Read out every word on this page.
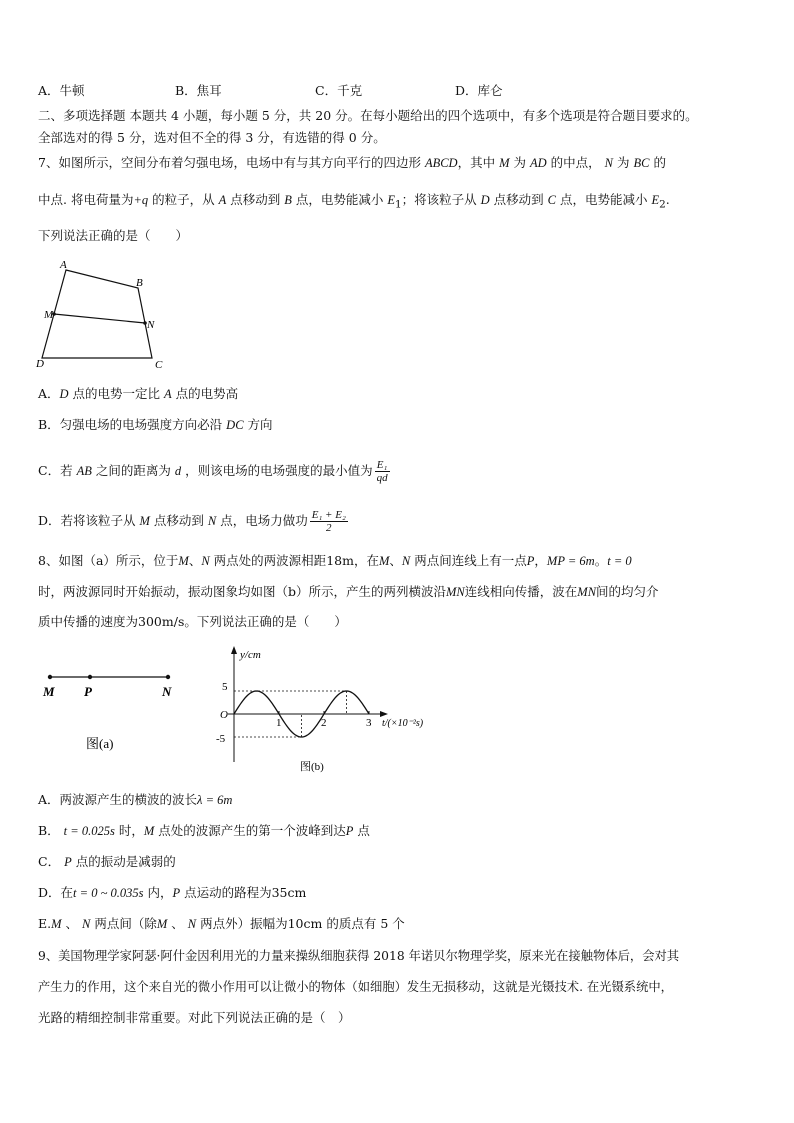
A．牛顿	B．焦耳	C．千克	D．库仑
二、多项选择题 本题共 4 小题，每小题 5 分，共 20 分。在每小题给出的四个选项中，有多个选项是符合题目要求的。
全部选对的得 5 分，选对但不全的得 3 分，有选错的得 0 分。
7、如图所示，空间分布着匀强电场，电场中有与其方向平行的四边形 ABCD，其中 M 为 AD 的中点， N 为 BC 的
中点. 将电荷量为+q 的粒子，从 A 点移动到 B 点，电势能减小 $E_1$；将该粒子从 D 点移动到 C 点，电势能减小 $E_2$.
下列说法正确的是（　　）
A
B
M
N
D	C
A．D 点的电势一定比 A 点的电势高
B．匀强电场的电场强度方向必沿 DC 方向
C．若 AB 之间的距离为 d ，则该电场的电场强度的最小值为 $\frac{\text{E₁}}{qd}$
D．若将该粒子从 M 点移动到 N 点，电场力做功 $\frac{\text{E₁ + E₂}}{2}$
8、如图（a）所示，位于M、N 两点处的两波源相距18m，在M、N 两点间连线上有一点P，MP = 6m。t = 0
时，两波源同时开始振动，振动图象均如图（b）所示，产生的两列横波沿MN连线相向传播，波在MN间的均匀介
质中传播的速度为300m/s。下列说法正确的是（　　）
M P	N
图(a)
y/cm
t/(×10⁻²s)
O
5
-5
1	2	3
图(b)
A．两波源产生的横波的波长λ = 6m
B． t = 0.025s 时，M 点处的波源产生的第一个波峰到达P 点
C． P 点的振动是减弱的
D．在t = 0 ~ 0.035s 内，P 点运动的路程为35cm
E.M 、 N 两点间（除M 、 N 两点外）振幅为10cm 的质点有 5 个
9、美国物理学家阿瑟·阿什金因利用光的力量来操纵细胞获得 2018 年诺贝尔物理学奖，原来光在接触物体后，会对其
产生力的作用，这个来自光的微小作用可以让微小的物体（如细胞）发生无损移动，这就是光镊技术. 在光镊系统中，
光路的精细控制非常重要。对此下列说法正确的是（　）
